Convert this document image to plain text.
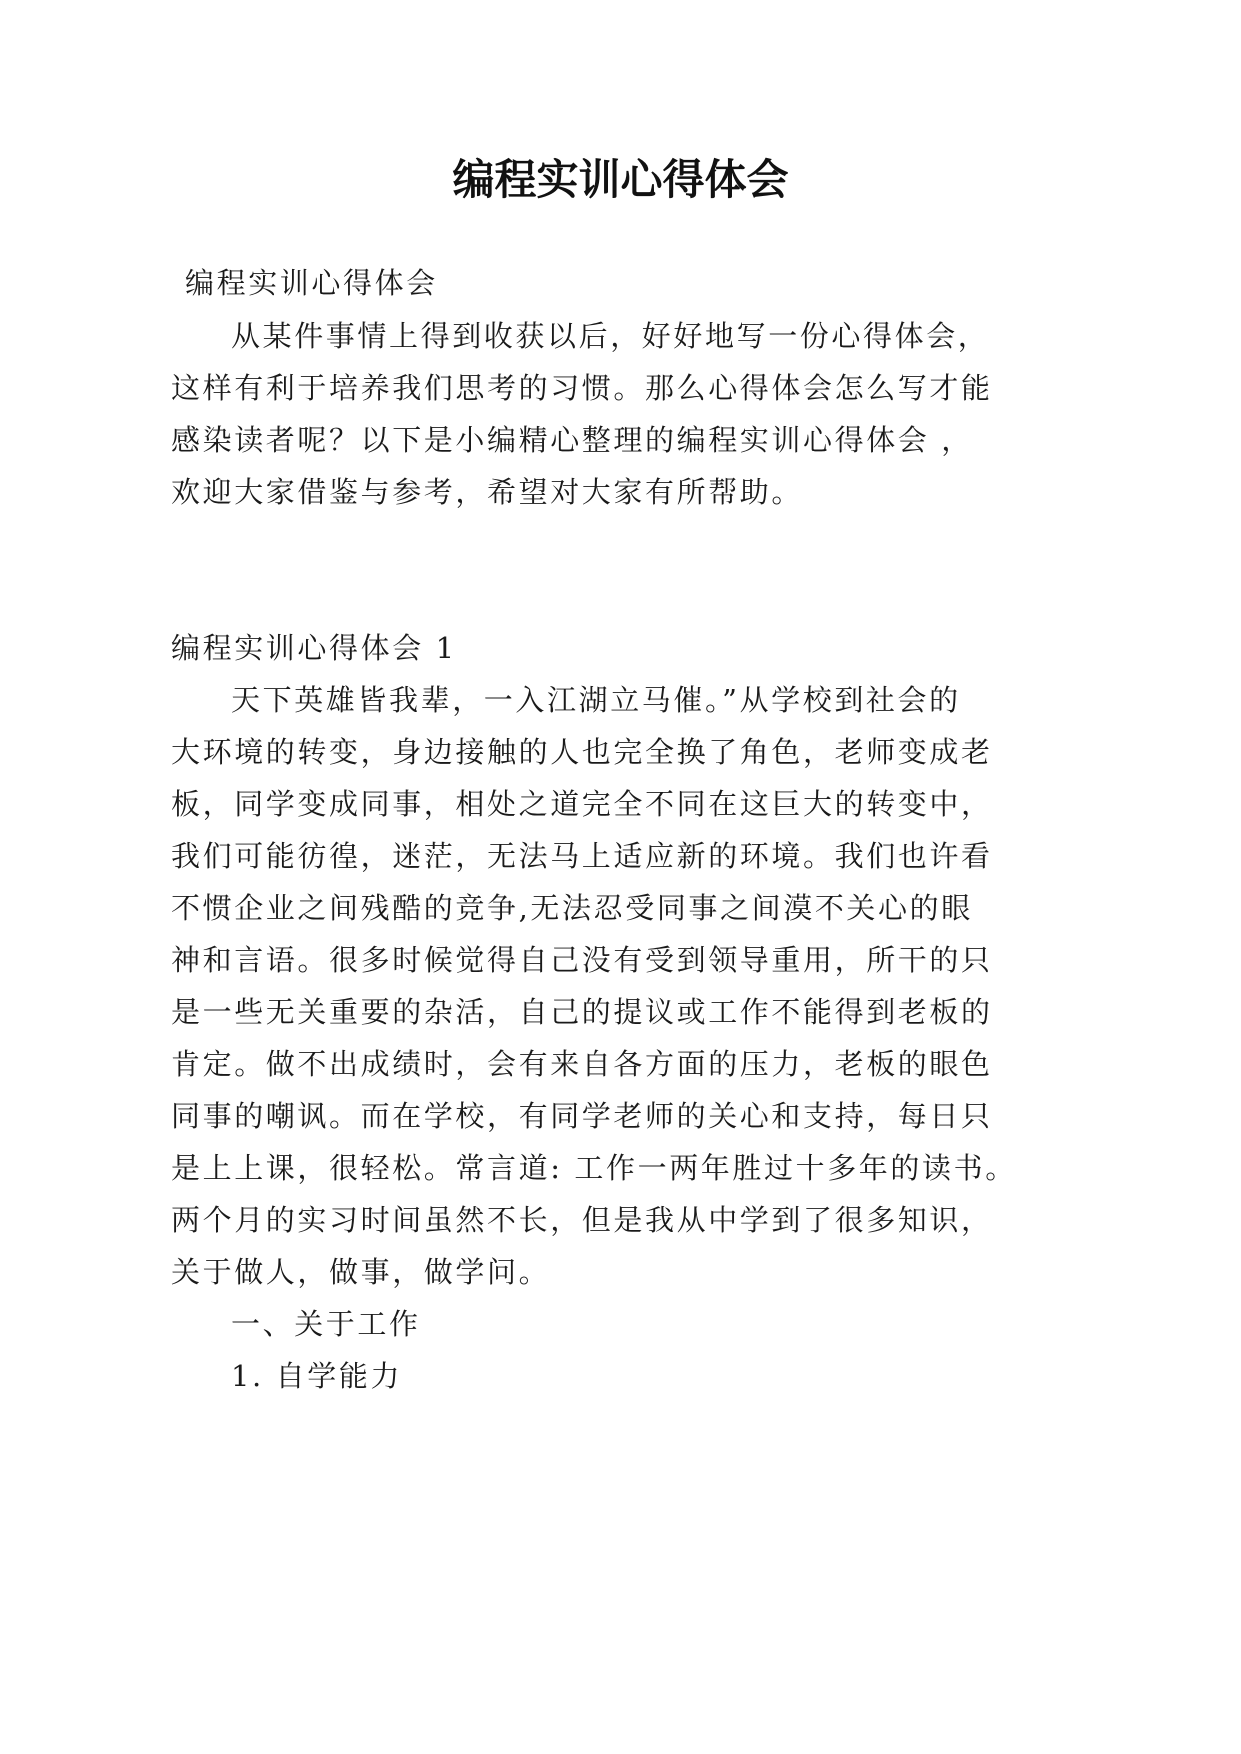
编程实训心得体会
编程实训心得体会
从某件事情上得到收获以后，好好地写一份心得体会，
这样有利于培养我们思考的习惯。那么心得体会怎么写才能
感染读者呢？以下是小编精心整理的编程实训心得体会 ，
欢迎大家借鉴与参考，希望对大家有所帮助。
编程实训心得体会 1
天下英雄皆我辈，一入江湖立马催。”从学校到社会的
大环境的转变，身边接触的人也完全换了角色，老师变成老
板，同学变成同事，相处之道完全不同在这巨大的转变中，
我们可能彷徨，迷茫，无法马上适应新的环境。我们也许看
不惯企业之间残酷的竞争,无法忍受同事之间漠不关心的眼
神和言语。很多时候觉得自己没有受到领导重用，所干的只
是一些无关重要的杂活，自己的提议或工作不能得到老板的
肯定。做不出成绩时，会有来自各方面的压力，老板的眼色
同事的嘲讽。而在学校，有同学老师的关心和支持，每日只
是上上课，很轻松。常言道: 工作一两年胜过十多年的读书。
两个月的实习时间虽然不长，但是我从中学到了很多知识，
关于做人，做事，做学问。
一、关于工作
1. 自学能力
